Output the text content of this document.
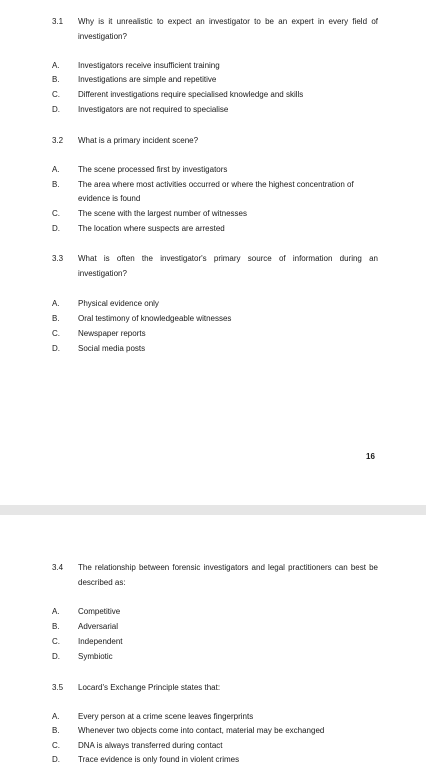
3.1	Why is it unrealistic to expect an investigator to be an expert in every field of investigation?
A. Investigators receive insufficient training
B. Investigations are simple and repetitive
C. Different investigations require specialised knowledge and skills
D. Investigators are not required to specialise
3.2	What is a primary incident scene?
A. The scene processed first by investigators
B. The area where most activities occurred or where the highest concentration of evidence is found
C. The scene with the largest number of witnesses
D. The location where suspects are arrested
3.3	What is often the investigator's primary source of information during an investigation?
A. Physical evidence only
B. Oral testimony of knowledgeable witnesses
C. Newspaper reports
D. Social media posts
16
3.4	The relationship between forensic investigators and legal practitioners can best be described as:
A. Competitive
B. Adversarial
C. Independent
D. Symbiotic
3.5	Locard's Exchange Principle states that:
A. Every person at a crime scene leaves fingerprints
B. Whenever two objects come into contact, material may be exchanged
C. DNA is always transferred during contact
D. Trace evidence is only found in violent crimes
